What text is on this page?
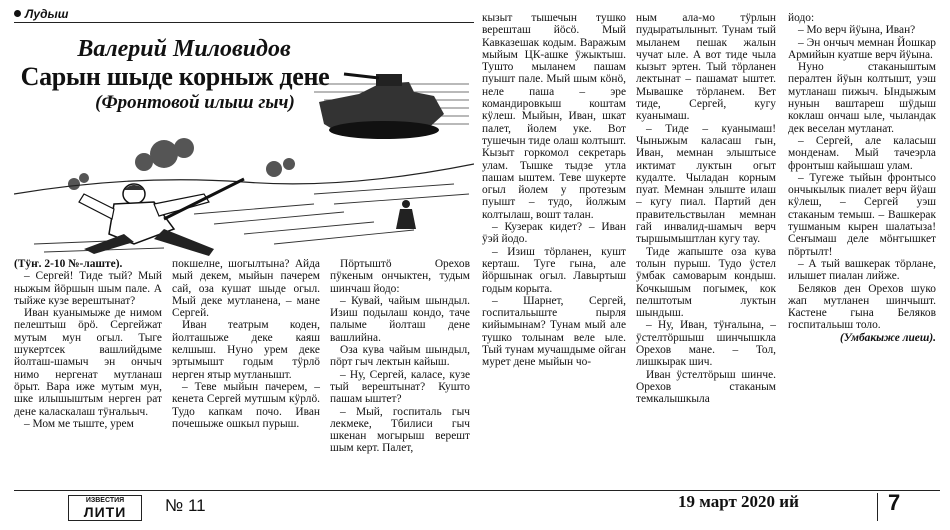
Лудыш
Валерий Миловидов
Сарын шыде корныж дене
(Фронтовой илыш гыч)

(Тӱҥ. 2-10 №-лаште).

– Сергей! Тиде тый? Мый ныжым йӧршын шым пале. А тыйже кузе верештынат?

Иван куанымыже де нимом пелештыш ӧрӧ. Сергейжат мутым мун огыл. Тыге шукертсек вашлийдыме йолташ-шамыч эн ончыч нимо нергенат мутланаш ӧрыт. Вара иже мутым мун, шке илышыштым нерген рат дене каласкалаш тӱҥальыч.

– Мом ме тыште, урем

покшелне, шогылтына? Айда мый декем, мыйын пачерем сай, оза кушат шыде огыл. Мый деке мутланена, – мане Сергей.

Иван театрым коден, йолташыже деке каяш келшыш. Нуно урем деке эртымышт годым тӱрлӧ нерген ятыр мутланышт.

– Теве мыйын пачерем, – кенета Сергей мутшым кӱрлӧ. Тудо капкам почо. Иван почешыже ошкыл пурыш.

Пӧртыштӧ Орехов пӱкеным ончыктен, тудым шинчаш йодо:

– Кувай, чайым шындыл. Изиш подылаш кондо, таче палыме йолташ дене вашлийна.

Оза кува чайым шындыл, пӧрт гыч лектын кайыш.

– Ну, Сергей, каласе, кузе тый верештынат? Кушто пашам ыштет?

– Мый, госпиталь гыч лекмеке, Тбилиси гыч шкенан могырыш верешт шым керт. Палет,

кызыт тышечын тушко верешташ йӧсӧ. Мый Кавказешак кодым. Варажым мыйым ЦК-ашке ӱжыктыш. Тушто мыланем пашам пуышт пале. Мый шым кӧнӧ, неле паша – эре командировкыш коштам кӱлеш. Мыйын, Иван, шкат палет, йолем уке. Вот тушечын тиде олаш колтышт. Кызыт горкомол секретарь улам. Тышке тыдзе утла пашам ыштем. Теве шукерте огыл йолем у протезым пуышт – тудо, йолжым колтылаш, вошт талан.

– Кузерак кидет? – Иван ӱэй йодо.

– Изиш тӧрланен, кушт керташ. Туге гына, але йӧршынак огыл. Лавыртыш годым корыта.

– Шарнет, Сергей, госпитальыште пырля кийымынам? Тунам мый але тушко толынам веле ыле. Тый тунам мучашдыме ойган мурет дене мыйын чо-

ным ала-мо тӱрлын пудыратылыныт. Тунам тый мыланем пешак жалын чучат ыле. А вот тиде чыла кызыт эртен. Тый тӧрланен лектынат – пашамат ыштет. Мывашке тӧрланем. Вет тиде, Сергей, кугу куанымаш.

– Тиде – куанымаш! Чыныжым каласаш гын, Иван, мемнан элыштысе иктимат луктын огыт кудалте. Чыладан корным пуат. Мемнан элыште илаш – кугу пиал. Партий ден правительствылан мемнан гай инвалид-шамыч верч тыршымыштлан кугу тау.

Тиде жапыште оза кува толын пурыш. Тудо ӱстел ӱмбак самоварым кондыш. Кочкышым погымек, кок пелштотым луктын шындыш.

– Ну, Иван, тӱҥалына, – ӱстелтӧршыш шинчышкла Орехов мане. – Тол, лишкырак шич.

Иван ӱстелтӧрыш шинче. Орехов стаканым темкалышкыла

йодо:

– Мо верч йӱына, Иван?

– Эн ончыч мемнан Йошкар Армийын куатше верч йӱына.

Нуно стаканыштым пералтен йӱын колтышт, уэш мутланаш пижыч. Ындыжым нунын ваштареш шӱдыш коклаш ончаш ыле, чыландак дек веселан мутланат.

– Сергей, але каласыш монденам. Мый тачеэрла фронтыш кайышаш улам.

– Тугеже тыйын фронтысо ончыкылык пиалет верч йӱаш кӱлеш, – Сергей уэш стаканым темыш. – Вашкерак тушманым кырен шалатыза! Сеҥымаш деле мӧҥгышкет пӧртылт!

– А тый вашкерак тӧрлане, илышет пиалан лийже.

Беляков ден Орехов шуко жап мутланен шинчышт. Кастене гына Беляков госпитальыш толо.

(Умбакыже лиеш).

ИЗВЕСТИЯ
ЛИТИ	№ 11	19 март 2020 ий	7
